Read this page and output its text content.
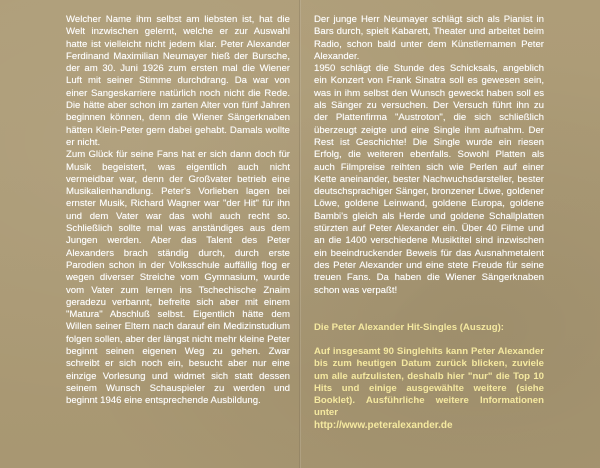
Welcher Name ihm selbst am liebsten ist, hat die Welt inzwischen gelernt, welche er zur Auswahl hatte ist vielleicht nicht jedem klar. Peter Alexander Ferdinand Maximilian Neumayer hieß der Bursche, der am 30. Juni 1926 zum ersten mal die Wiener Luft mit seiner Stimme durchdrang. Da war von einer Sangeskarriere natürlich noch nicht die Rede. Die hätte aber schon im zarten Alter von fünf Jahren beginnen können, denn die Wiener Sängerknaben hätten Klein-Peter gern dabei gehabt. Damals wollte er nicht.

Zum Glück für seine Fans hat er sich dann doch für Musik begeistert, was eigentlich auch nicht vermeidbar war, denn der Großvater betrieb eine Musikalienhandlung. Peter's Vorlieben lagen bei ernster Musik, Richard Wagner war "der Hit" für ihn und dem Vater war das wohl auch recht so. Schließlich sollte mal was anständiges aus dem Jungen werden. Aber das Talent des Peter Alexanders brach ständig durch, durch erste Parodien schon in der Volksschule auffällig flog er wegen diverser Streiche vom Gymnasium, wurde vom Vater zum lernen ins Tschechische Znaim geradezu verbannt, befreite sich aber mit einem "Matura" Abschluß selbst. Eigentlich hätte dem Willen seiner Eltern nach darauf ein Medizinstudium folgen sollen, aber der längst nicht mehr kleine Peter beginnt seinen eigenen Weg zu gehen. Zwar schreibt er sich noch ein, besucht aber nur eine einzige Vorlesung und widmet sich statt dessen seinem Wunsch Schauspieler zu werden und beginnt 1946 eine entsprechende Ausbildung.

Der junge Herr Neumayer schlägt sich als Pianist in Bars durch, spielt Kabarett, Theater und arbeitet beim Radio, schon bald unter dem Künstlernamen Peter Alexander.

1950 schlägt die Stunde des Schicksals, angeblich ein Konzert von Frank Sinatra soll es gewesen sein, was in ihm selbst den Wunsch geweckt haben soll es als Sänger zu versuchen. Der Versuch führt ihn zu der Plattenfirma "Austroton", die sich schließlich überzeugt zeigte und eine Single ihm aufnahm. Der Rest ist Geschichte! Die Single wurde ein riesen Erfolg, die weiteren ebenfalls. Sowohl Platten als auch Filmpreise reihten sich wie Perlen auf einer Kette aneinander, bester Nachwuchsdarsteller, bester deutschsprachiger Sänger, bronzener Löwe, goldener Löwe, goldene Leinwand, goldene Europa, goldene Bambi's gleich als Herde und goldene Schallplatten stürzten auf Peter Alexander ein. Über 40 Filme und an die 1400 verschiedene Musiktitel sind inzwischen ein beeindruckender Beweis für das Ausnahmetalent des Peter Alexander und eine stete Freude für seine treuen Fans. Da haben die Wiener Sängerknaben schon was verpaßt!

Die Peter Alexander Hit-Singles (Auszug):
Auf insgesamt 90 Singlehits kann Peter Alexander bis zum heutigen Datum zurück blicken, zuviele um alle aufzulisten, deshalb hier "nur" die Top 10 Hits und einige ausgewählte weitere (siehe Booklet). Ausführliche weitere Informationen unter
http://www.peteralexander.de
